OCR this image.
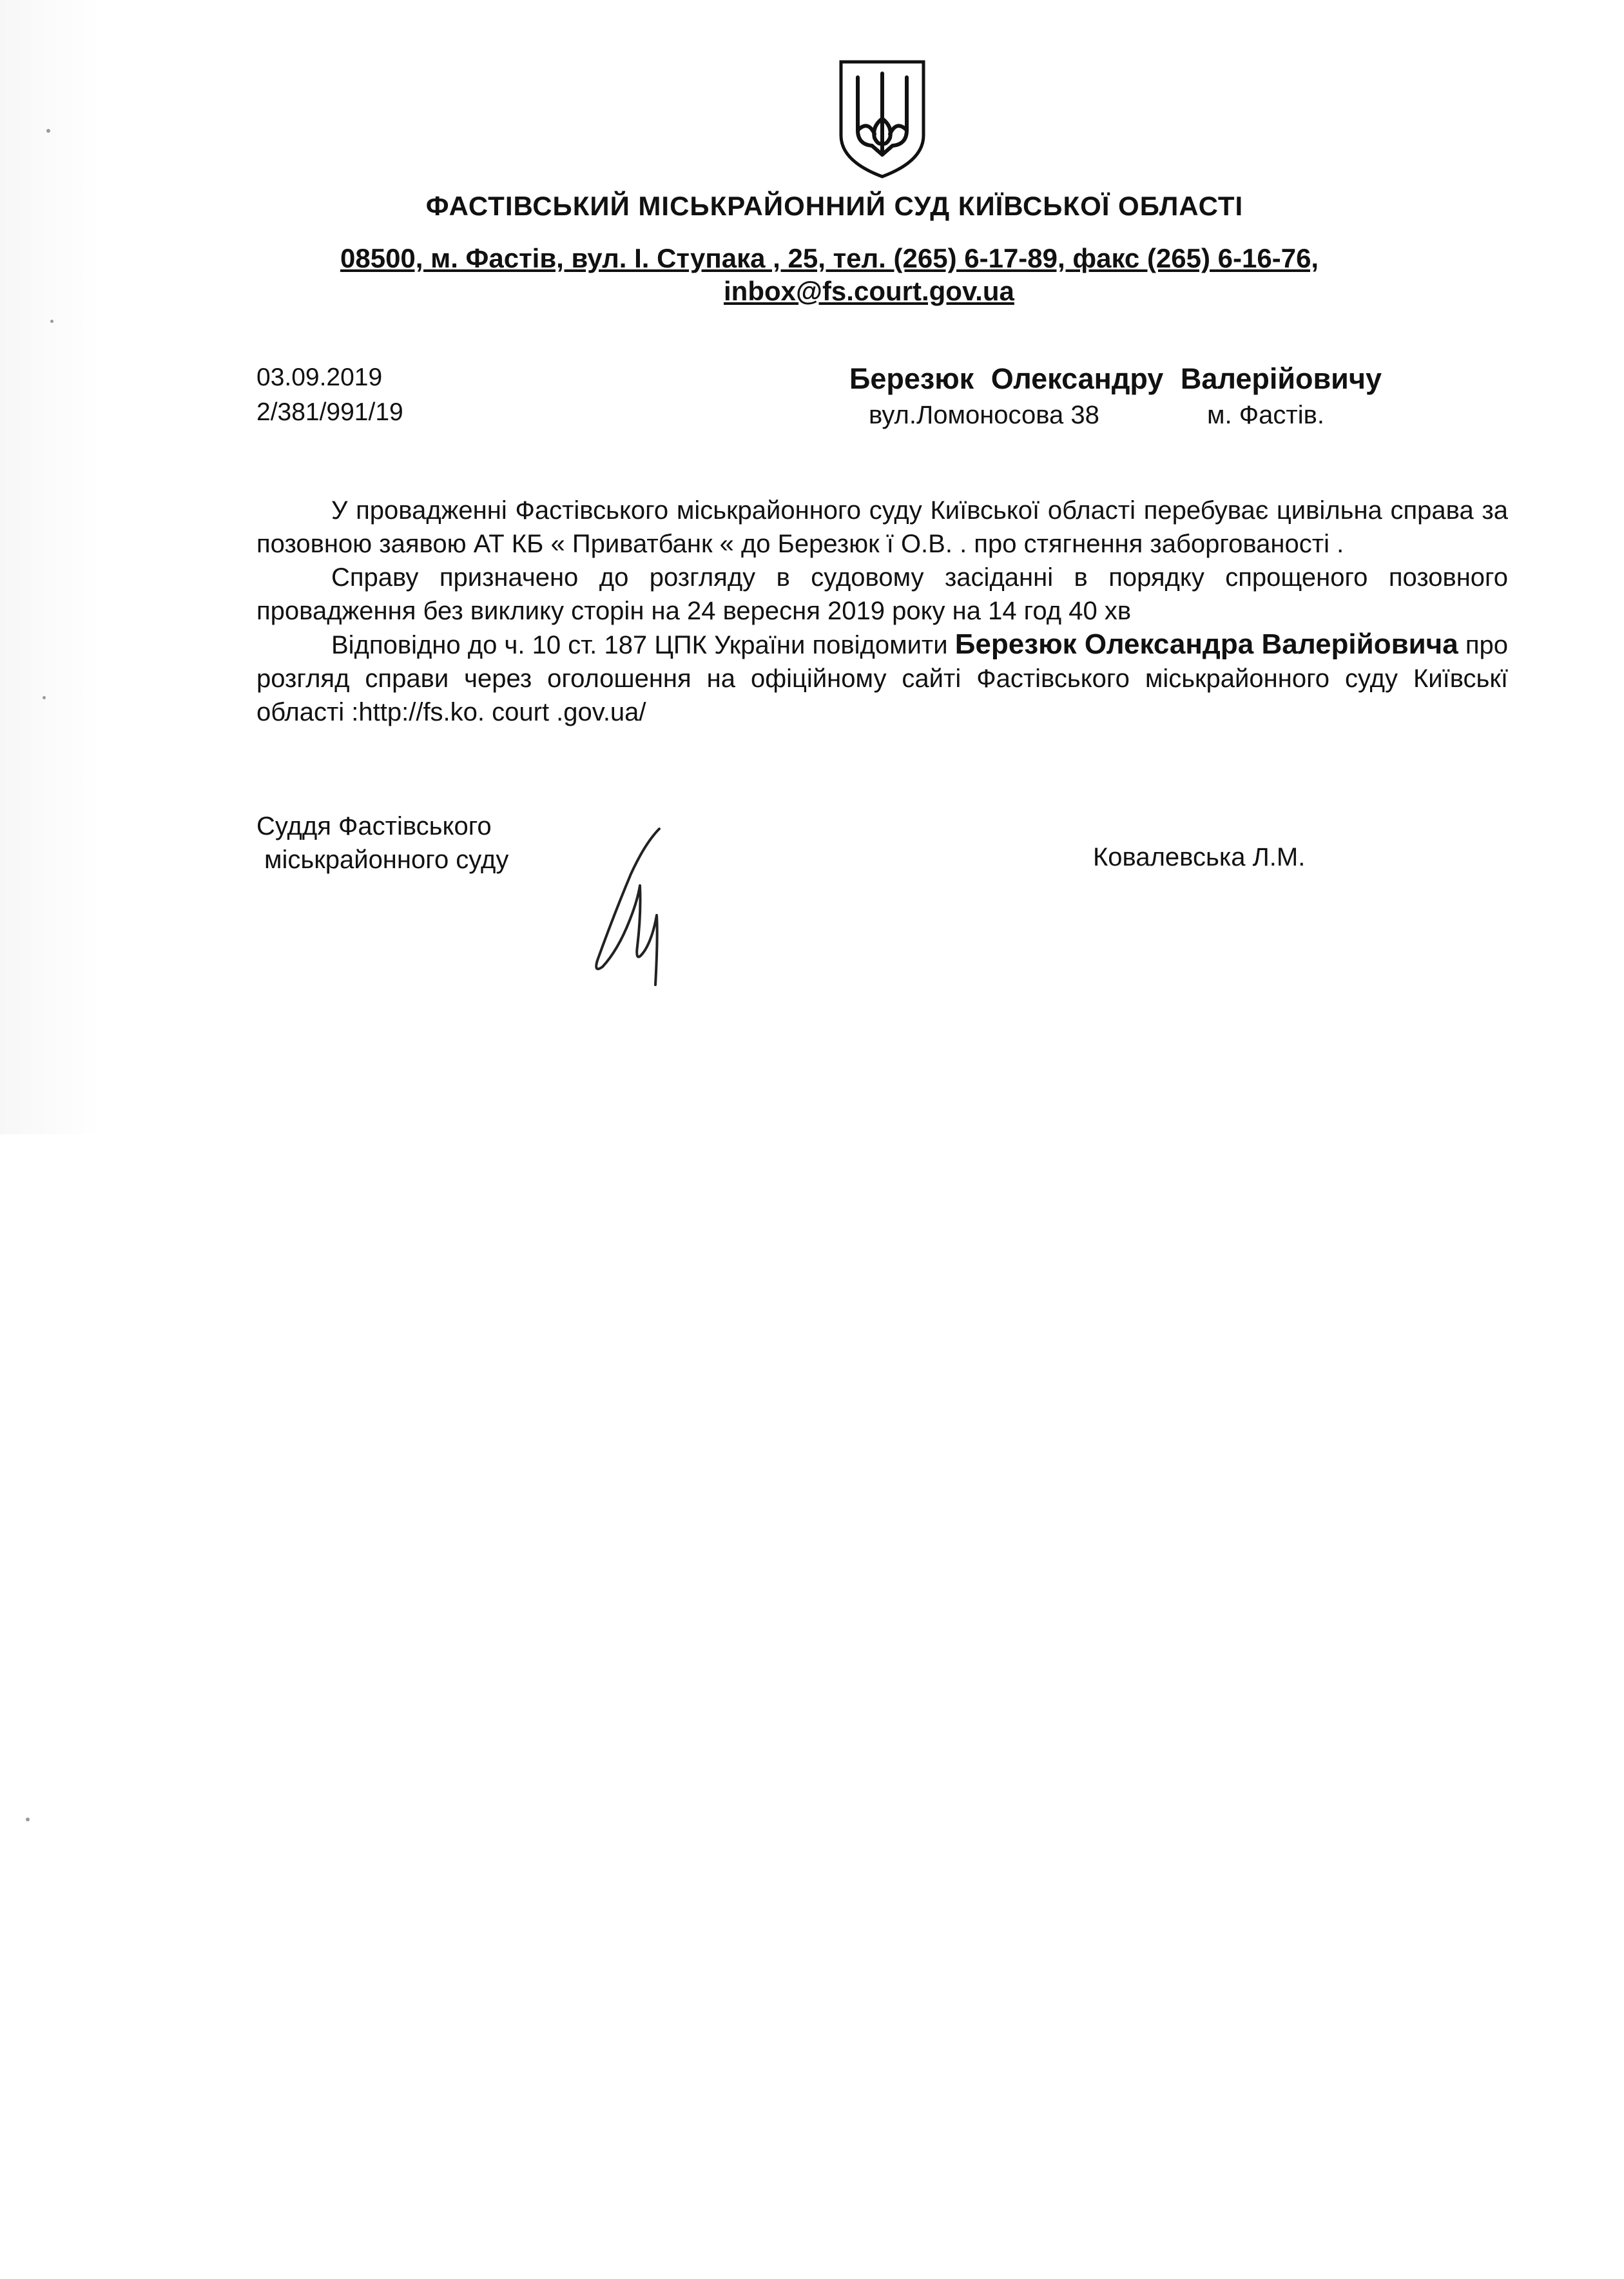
ФАСТІВСЬКИЙ МІСЬКРАЙОННИЙ СУД КИЇВСЬКОЇ ОБЛАСТІ
08500, м. Фастів, вул. І. Ступака , 25, тел. (265) 6-17-89, факс (265) 6-16-76,
inbox@fs.court.gov.ua
03.09.2019
2/381/991/19
Березюк Олександру Валерійовичу
вул.Ломоносова 38	м. Фастів.

У провадженні Фастівського міськрайонного суду Київської області перебуває цивільна справа за позовною заявою АТ КБ « Приватбанк « до Березюк ї О.В. . про стягнення заборгованості .

Справу призначено до розгляду в судовому засіданні в порядку спрощеного позовного провадження без виклику сторін на 24 вересня 2019 року на 14 год 40 хв

Відповідно до ч. 10 ст. 187 ЦПК України повідомити Березюк Олександра Валерійовича про розгляд справи через оголошення на офіційному сайті Фастівського міськрайонного суду Київськї області :http://fs.ko. court .gov.ua/

Суддя Фастівського
міськрайонного суду	Ковалевська Л.М.
